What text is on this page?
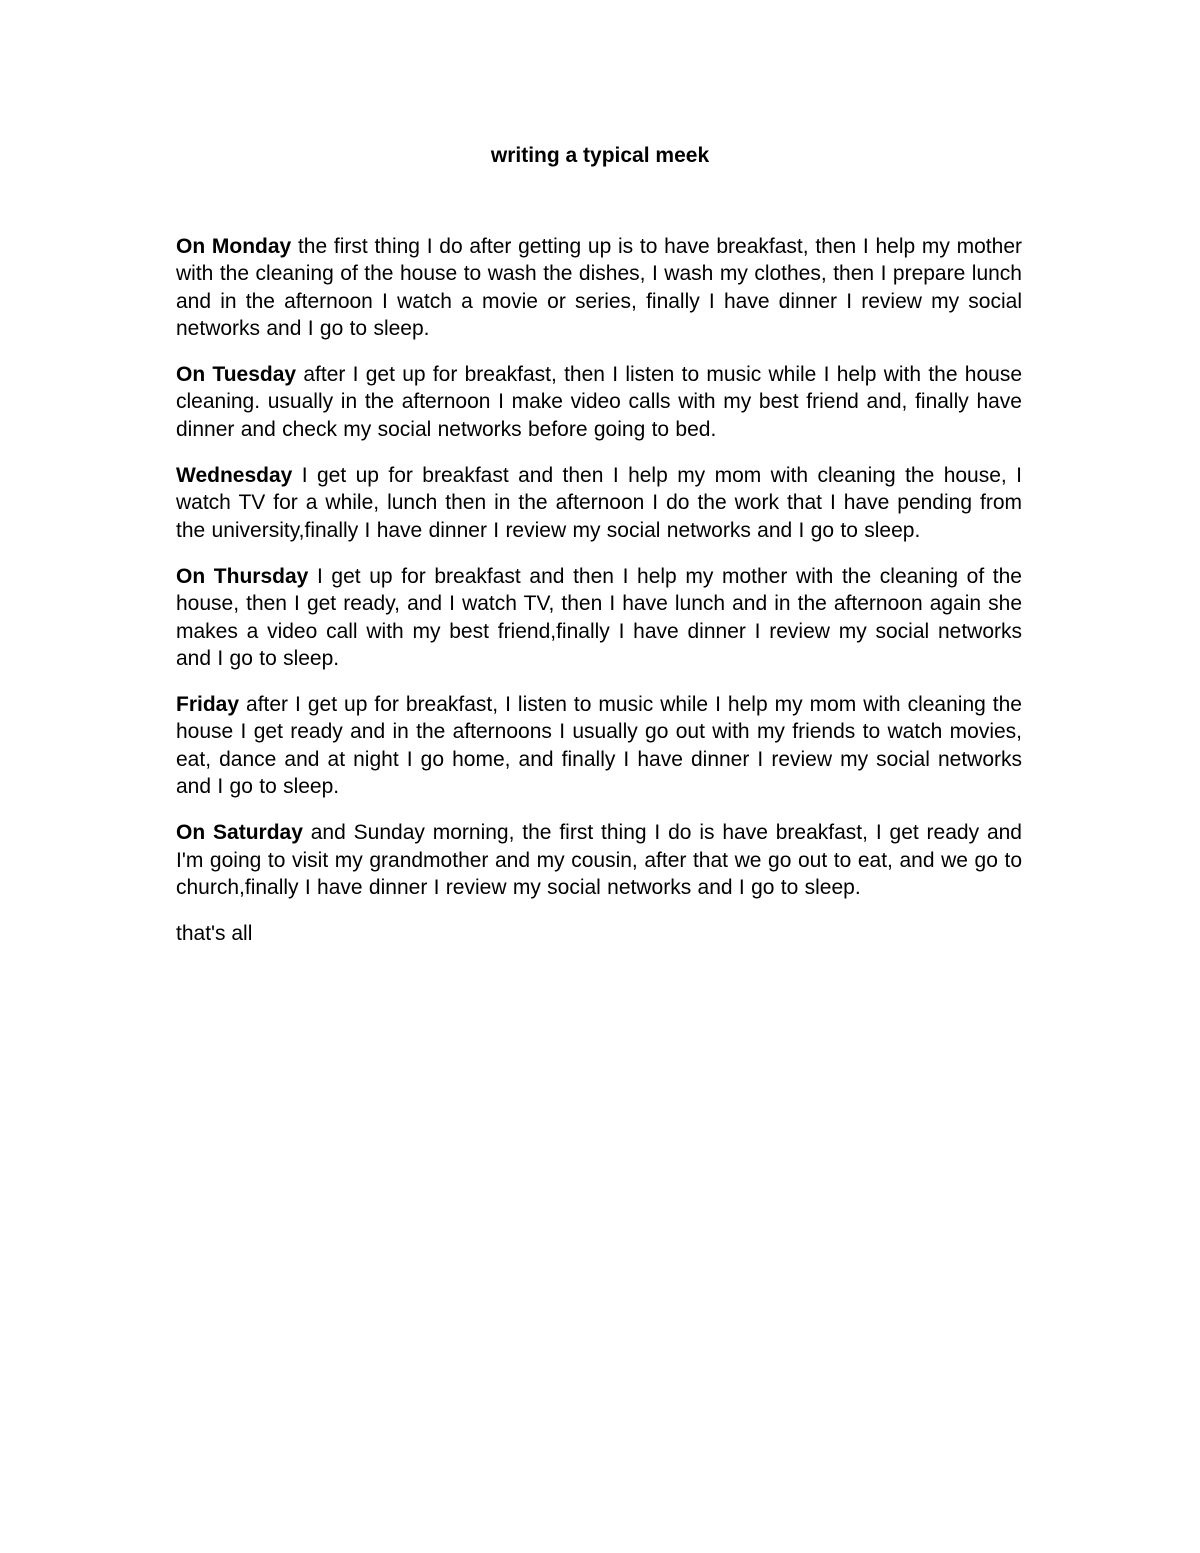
writing a typical meek

On Monday the first thing I do after getting up is to have breakfast, then I help my mother with the cleaning of the house to wash the dishes, I wash my clothes, then I prepare lunch and in the afternoon I watch a movie or series, finally I have dinner I review my social networks and I go to sleep.

On Tuesday after I get up for breakfast, then I listen to music while I help with the house cleaning. usually in the afternoon I make video calls with my best friend and, finally have dinner and check my social networks before going to bed.

Wednesday I get up for breakfast and then I help my mom with cleaning the house, I watch TV for a while, lunch then in the afternoon I do the work that I have pending from the university,finally I have dinner I review my social networks and I go to sleep.

On Thursday I get up for breakfast and then I help my mother with the cleaning of the house, then I get ready, and I watch TV, then I have lunch and in the afternoon again she makes a video call with my best friend,finally I have dinner I review my social networks and I go to sleep.

Friday after I get up for breakfast, I listen to music while I help my mom with cleaning the house I get ready and in the afternoons I usually go out with my friends to watch movies, eat, dance and at night I go home, and finally I have dinner I review my social networks and I go to sleep.

On Saturday and Sunday morning, the first thing I do is have breakfast, I get ready and I'm going to visit my grandmother and my cousin, after that we go out to eat, and we go to church,finally I have dinner I review my social networks and I go to sleep.

that's all
